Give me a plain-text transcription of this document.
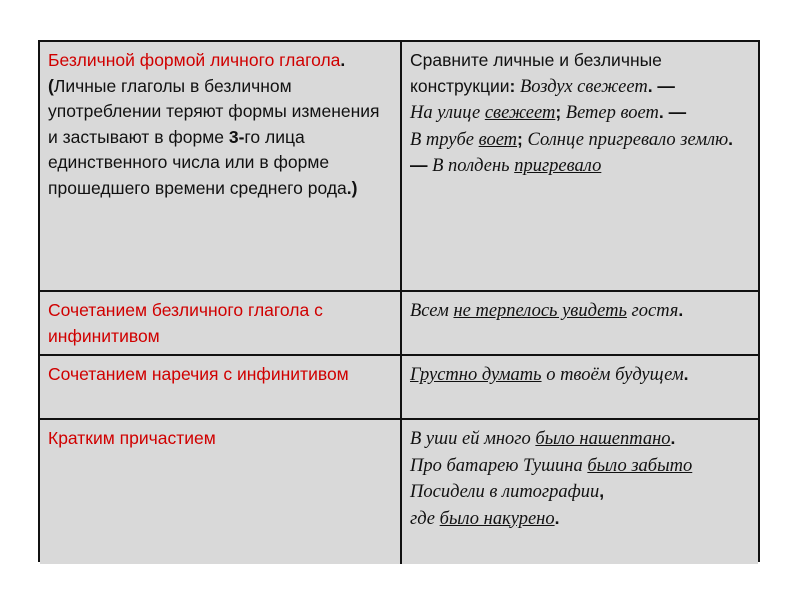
Безличной формой личного глагола. (Личные глаголы в безличном употреблении теряют формы изменения и застывают в форме 3-го лица единственного числа или в форме прошедшего времени среднего рода.)
Сравните личные и безличные конструкции: Воздух свежеет. —
На улице свежеет; Ветер воет. —
В трубе воет; Солнце пригревало землю. — В полдень пригревало
Сочетанием безличного глагола с инфинитивом
Всем не терпелось увидеть гостя.
Сочетанием наречия с инфинитивом	Грустно думать о твоём будущем.
Кратким причастием	В уши ей много было нашептано.
Про батарею Тушина было забыто Посидели в литографии,
где было накурено.
